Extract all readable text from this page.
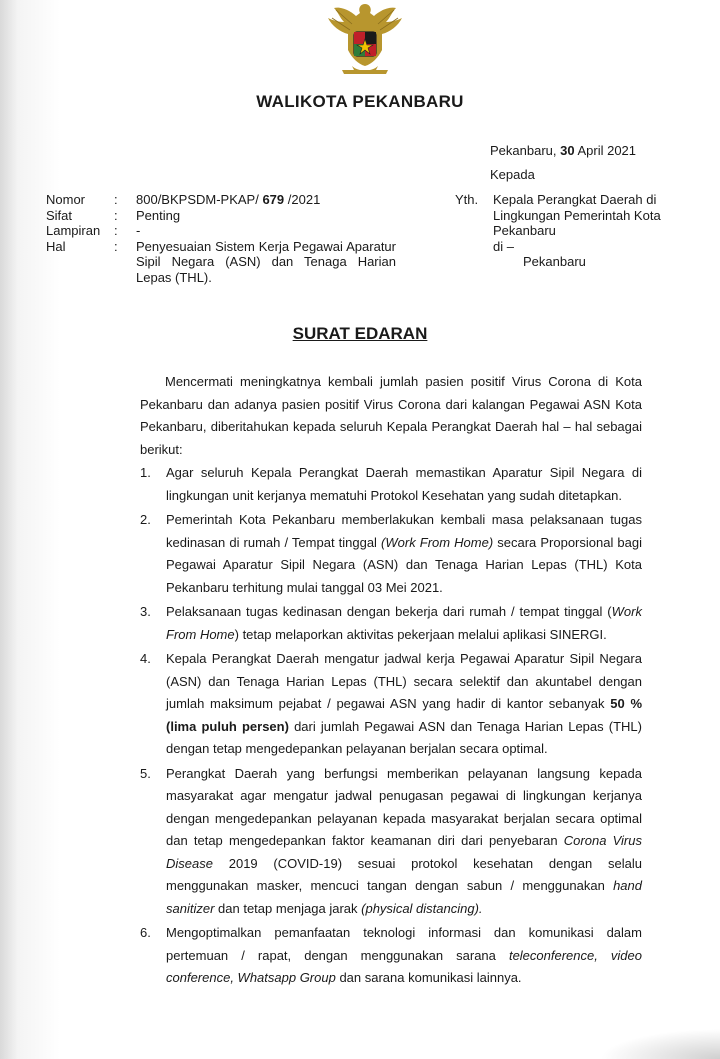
WALIKOTA PEKANBARU
Pekanbaru, 30 April 2021
Kepada
Nomor	:	800/BKPSDM-PKAP/ 679 /2021
Sifat	:	Penting
Lampiran	:	-
Hal	:	Penyesuaian Sistem Kerja Pegawai Aparatur Sipil Negara (ASN) dan Tenaga Harian Lepas (THL).
Yth. Kepala Perangkat Daerah di
Lingkungan Pemerintah Kota
Pekanbaru
di –
Pekanbaru
SURAT EDARAN

Mencermati meningkatnya kembali jumlah pasien positif Virus Corona di Kota Pekanbaru dan adanya pasien positif Virus Corona dari kalangan Pegawai ASN Kota Pekanbaru, diberitahukan kepada seluruh Kepala Perangkat Daerah hal – hal sebagai berikut:

1. Agar seluruh Kepala Perangkat Daerah memastikan Aparatur Sipil Negara di lingkungan unit kerjanya mematuhi Protokol Kesehatan yang sudah ditetapkan.
2. Pemerintah Kota Pekanbaru memberlakukan kembali masa pelaksanaan tugas kedinasan di rumah / Tempat tinggal (Work From Home) secara Proporsional bagi Pegawai Aparatur Sipil Negara (ASN) dan Tenaga Harian Lepas (THL) Kota Pekanbaru terhitung mulai tanggal 03 Mei 2021.
3. Pelaksanaan tugas kedinasan dengan bekerja dari rumah / tempat tinggal (Work From Home) tetap melaporkan aktivitas pekerjaan melalui aplikasi SINERGI.
4. Kepala Perangkat Daerah mengatur jadwal kerja Pegawai Aparatur Sipil Negara (ASN) dan Tenaga Harian Lepas (THL) secara selektif dan akuntabel dengan jumlah maksimum pejabat / pegawai ASN yang hadir di kantor sebanyak 50 % (lima puluh persen) dari jumlah Pegawai ASN dan Tenaga Harian Lepas (THL) dengan tetap mengedepankan pelayanan berjalan secara optimal.
5. Perangkat Daerah yang berfungsi memberikan pelayanan langsung kepada masyarakat agar mengatur jadwal penugasan pegawai di lingkungan kerjanya dengan mengedepankan pelayanan kepada masyarakat berjalan secara optimal dan tetap mengedepankan faktor keamanan diri dari penyebaran Corona Virus Disease 2019 (COVID-19) sesuai protokol kesehatan dengan selalu menggunakan masker, mencuci tangan dengan sabun / menggunakan hand sanitizer dan tetap menjaga jarak (physical distancing).
6. Mengoptimalkan pemanfaatan teknologi informasi dan komunikasi dalam pertemuan / rapat, dengan menggunakan sarana teleconference, video conference, Whatsapp Group dan sarana komunikasi lainnya.
